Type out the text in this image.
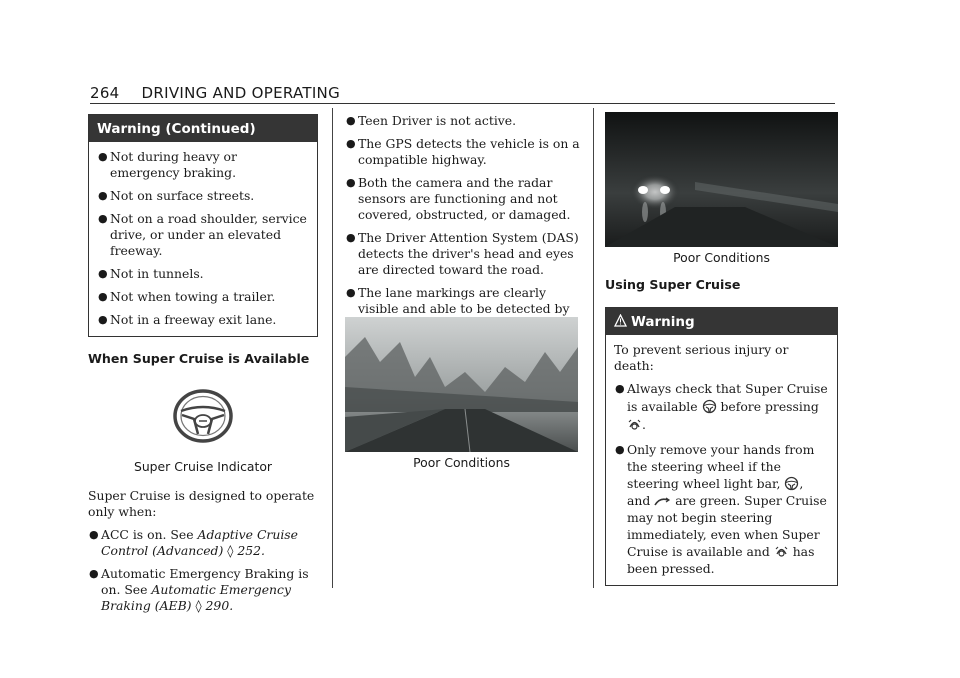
264 DRIVING AND OPERATING
Warning (Continued)
● Not during heavy or emergency braking.
● Not on surface streets.
● Not on a road shoulder, service drive, or under an elevated freeway.
● Not in tunnels.
● Not when towing a trailer.
● Not in a freeway exit lane.
When Super Cruise is Available
Super Cruise Indicator
Super Cruise is designed to operate only when:
● ACC is on. See Adaptive Cruise Control (Advanced) ◊ 252.
● Automatic Emergency Braking is on. See Automatic Emergency Braking (AEB) ◊ 290.
● Teen Driver is not active.
● The GPS detects the vehicle is on a compatible highway.
● Both the camera and the radar sensors are functioning and not covered, obstructed, or damaged.
● The Driver Attention System (DAS) detects the driver's head and eyes are directed toward the road.
● The lane markings are clearly visible and able to be detected by
Poor Conditions
Poor Conditions
Using Super Cruise
Warning
To prevent serious injury or death:
● Always check that Super Cruise is available before pressing .
● Only remove your hands from the steering wheel if the steering wheel light bar, , and are green. Super Cruise may not begin steering immediately, even when Super Cruise is available and has been pressed.
